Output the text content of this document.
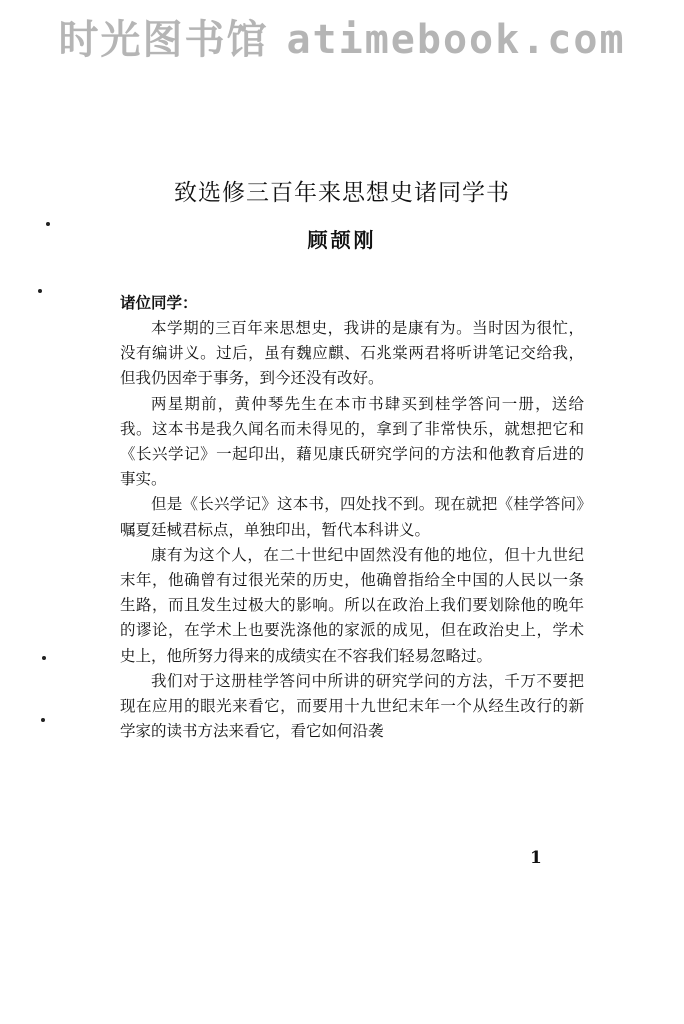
时光图书馆 atimebook.com
致选修三百年来思想史诸同学书
顾颉刚
诸位同学：

本学期的三百年来思想史，我讲的是康有为。当时因为很忙，没有编讲义。过后，虽有魏应麒、石兆棠两君将听讲笔记交给我，但我仍因牵于事务，到今还没有改好。

两星期前，黄仲琴先生在本市书肆买到桂学答问一册，送给我。这本书是我久闻名而未得见的，拿到了非常快乐，就想把它和《长兴学记》一起印出，藉见康氏研究学问的方法和他教育后进的事实。

但是《长兴学记》这本书，四处找不到。现在就把《桂学答问》嘱夏廷棫君标点，单独印出，暂代本科讲义。

康有为这个人，在二十世纪中固然没有他的地位，但十九世纪末年，他确曾有过很光荣的历史，他确曾指给全中国的人民以一条生路，而且发生过极大的影响。所以在政治上我们要划除他的晚年的谬论，在学术上也要洗涤他的家派的成见，但在政治史上，学术史上，他所努力得来的成绩实在不容我们轻易忽略过。

我们对于这册桂学答问中所讲的研究学问的方法，千万不要把现在应用的眼光来看它，而要用十九世纪末年一个从经生改行的新学家的读书方法来看它，看它如何沿袭

1
